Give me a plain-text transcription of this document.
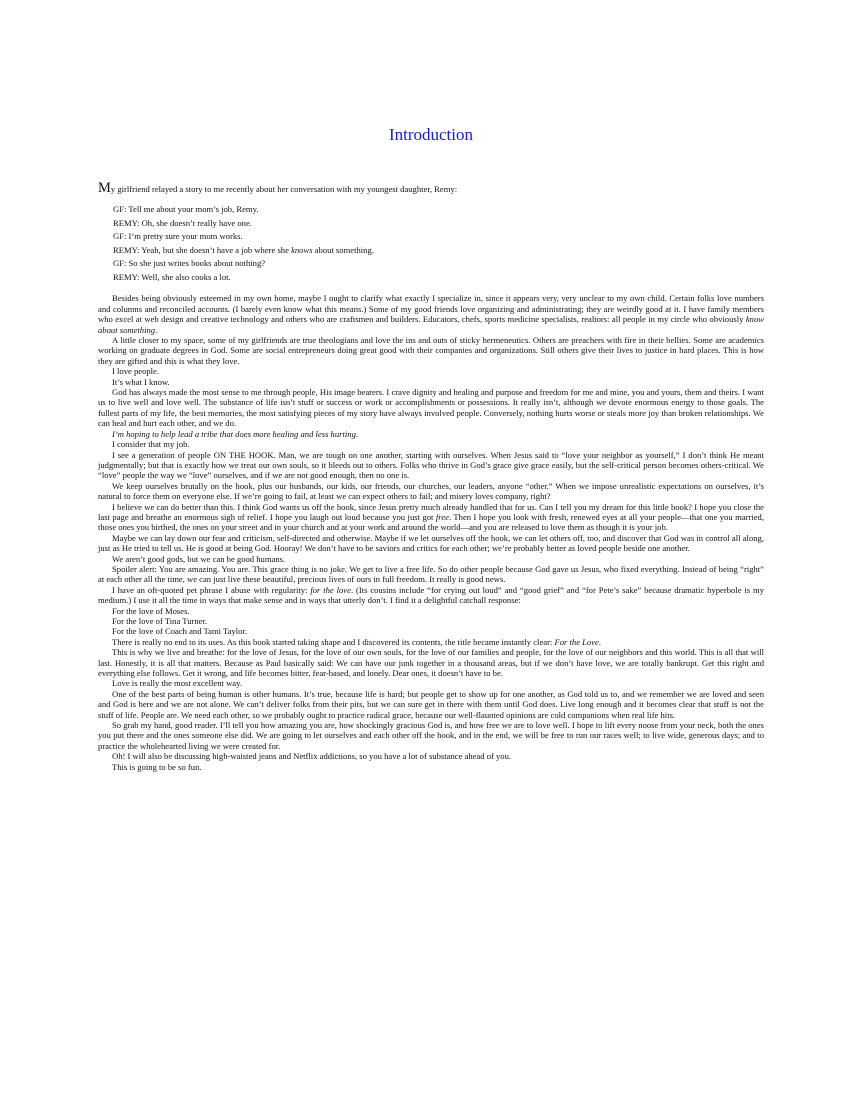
Introduction

My girlfriend relayed a story to me recently about her conversation with my youngest daughter, Remy:

GF: Tell me about your mom’s job, Remy.
REMY: Oh, she doesn’t really have one.
GF: I’m pretty sure your mom works.
REMY: Yeah, but she doesn’t have a job where she knows about something.
GF: So she just writes books about nothing?
REMY: Well, she also cooks a lot.

Besides being obviously esteemed in my own home, maybe I ought to clarify what exactly I specialize in, since it appears very, very unclear to my own child. Certain folks love numbers and columns and reconciled accounts. (I barely even know what this means.) Some of my good friends love organizing and administrating; they are weirdly good at it. I have family members who excel at web design and creative technology and others who are craftsmen and builders. Educators, chefs, sports medicine specialists, realtors: all people in my circle who obviously know about something.

A little closer to my space, some of my girlfriends are true theologians and love the ins and outs of sticky hermeneutics. Others are preachers with fire in their bellies. Some are academics working on graduate degrees in God. Some are social entrepreneurs doing great good with their companies and organizations. Still others give their lives to justice in hard places. This is how they are gifted and this is what they love.

I love people.

It’s what I know.

God has always made the most sense to me through people, His image bearers. I crave dignity and healing and purpose and freedom for me and mine, you and yours, them and theirs. I want us to live well and love well. The substance of life isn’t stuff or success or work or accomplishments or possessions. It really isn’t, although we devote enormous energy to those goals. The fullest parts of my life, the best memories, the most satisfying pieces of my story have always involved people. Conversely, nothing hurts worse or steals more joy than broken relationships. We can heal and hurt each other, and we do.

I’m hoping to help lead a tribe that does more healing and less hurting.

I consider that my job.

I see a generation of people ON THE HOOK. Man, we are tough on one another, starting with ourselves. When Jesus said to “love your neighbor as yourself,” I don’t think He meant judgmentally; but that is exactly how we treat our own souls, so it bleeds out to others. Folks who thrive in God’s grace give grace easily, but the self-critical person becomes others-critical. We “love” people the way we “love” ourselves, and if we are not good enough, then no one is.

We keep ourselves brutally on the hook, plus our husbands, our kids, our friends, our churches, our leaders, anyone “other.” When we impose unrealistic expectations on ourselves, it’s natural to force them on everyone else. If we’re going to fail, at least we can expect others to fail; and misery loves company, right?

I believe we can do better than this. I think God wants us off the hook, since Jesus pretty much already handled that for us. Can I tell you my dream for this little book? I hope you close the last page and breathe an enormous sigh of relief. I hope you laugh out loud because you just got free. Then I hope you look with fresh, renewed eyes at all your people—that one you married, those ones you birthed, the ones on your street and in your church and at your work and around the world—and you are released to love them as though it is your job.

Maybe we can lay down our fear and criticism, self-directed and otherwise. Maybe if we let ourselves off the hook, we can let others off, too, and discover that God was in control all along, just as He tried to tell us. He is good at being God. Hooray! We don’t have to be saviors and critics for each other; we’re probably better as loved people beside one another.

We aren’t good gods, but we can be good humans.

Spoiler alert: You are amazing. You are. This grace thing is no joke. We get to live a free life. So do other people because God gave us Jesus, who fixed everything. Instead of being “right” at each other all the time, we can just live these beautiful, precious lives of ours in full freedom. It really is good news.

I have an oft-quoted pet phrase I abuse with regularity: for the love. (Its cousins include “for crying out loud” and “good grief” and “for Pete’s sake” because dramatic hyperbole is my medium.) I use it all the time in ways that make sense and in ways that utterly don’t. I find it a delightful catchall response:

For the love of Moses.

For the love of Tina Turner.

For the love of Coach and Tami Taylor.

There is really no end to its uses. As this book started taking shape and I discovered its contents, the title became instantly clear: For the Love.

This is why we live and breathe: for the love of Jesus, for the love of our own souls, for the love of our families and people, for the love of our neighbors and this world. This is all that will last. Honestly, it is all that matters. Because as Paul basically said: We can have our junk together in a thousand areas, but if we don’t have love, we are totally bankrupt. Get this right and everything else follows. Get it wrong, and life becomes bitter, fear-based, and lonely. Dear ones, it doesn’t have to be.

Love is really the most excellent way.

One of the best parts of being human is other humans. It’s true, because life is hard; but people get to show up for one another, as God told us to, and we remember we are loved and seen and God is here and we are not alone. We can’t deliver folks from their pits, but we can sure get in there with them until God does. Live long enough and it becomes clear that stuff is not the stuff of life. People are. We need each other, so we probably ought to practice radical grace, because our well-flaunted opinions are cold companions when real life hits.

So grab my hand, good reader. I’ll tell you how amazing you are, how shockingly gracious God is, and how free we are to love well. I hope to lift every noose from your neck, both the ones you put there and the ones someone else did. We are going to let ourselves and each other off the hook, and in the end, we will be free to run our races well; to live wide, generous days; and to practice the wholehearted living we were created for.

Oh! I will also be discussing high-waisted jeans and Netflix addictions, so you have a lot of substance ahead of you.

This is going to be so fun.
